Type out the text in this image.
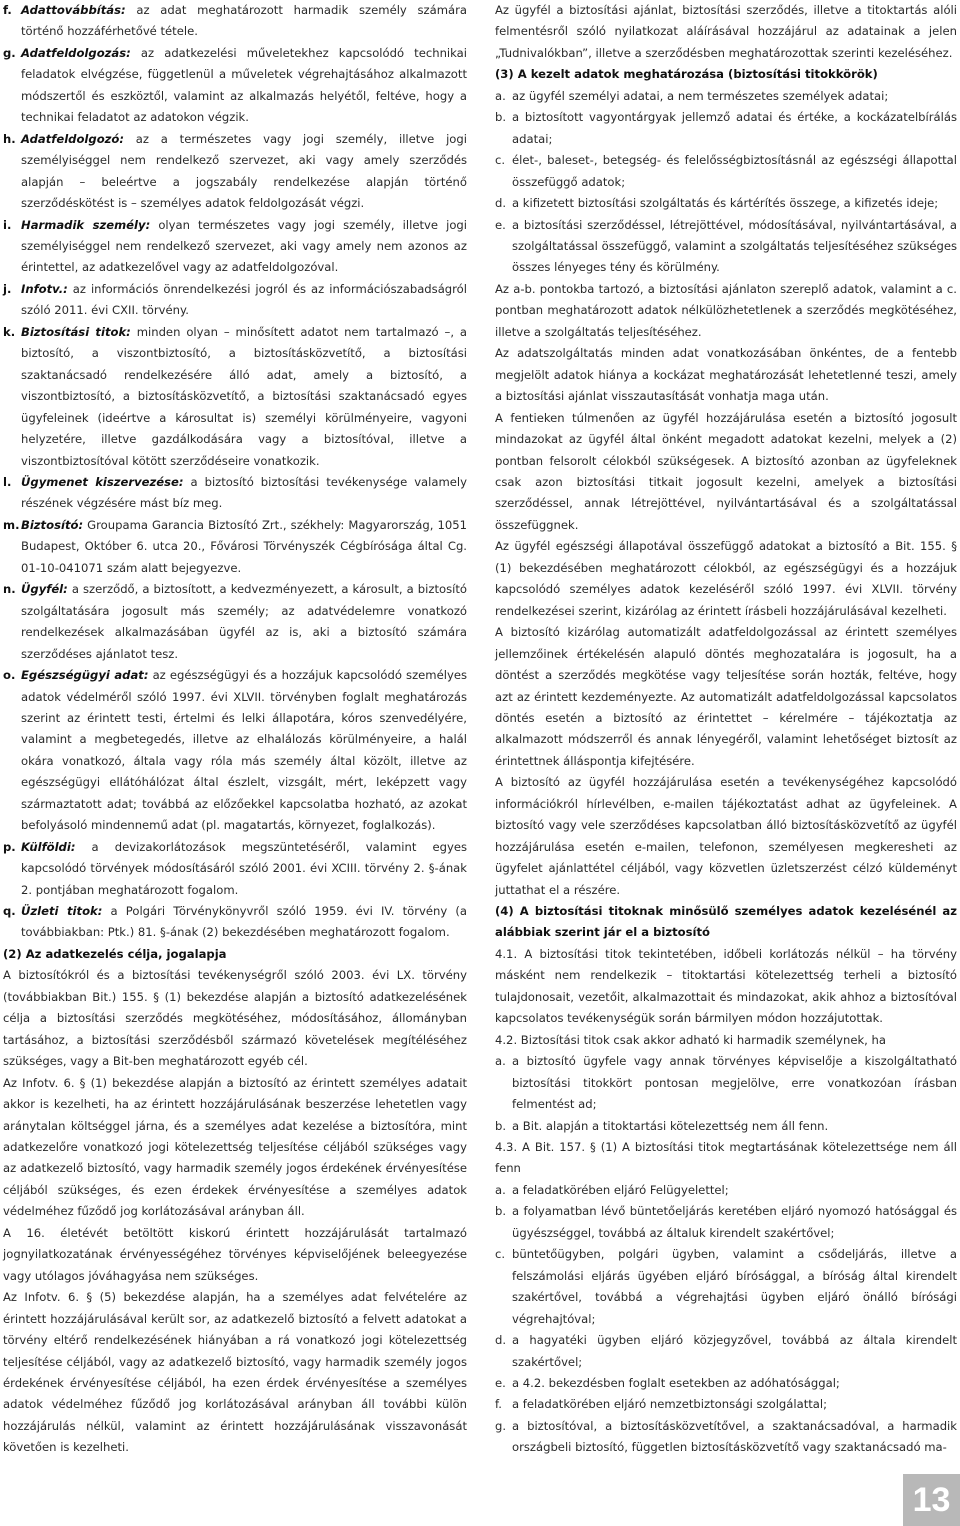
f. Adattovábbítás: az adat meghatározott harmadik személy számára történő hozzáférhetővé tétele.
g. Adatfeldolgozás: az adatkezelési műveletekhez kapcsolódó technikai feladatok elvégzése, függetlenül a műveletek végrehajtásához alkalmazott módszertől és eszköztől, valamint az alkalmazás helyétől, feltéve, hogy a technikai feladatot az adatokon végzik.
h. Adatfeldolgozó: az a természetes vagy jogi személy, illetve jogi személyiséggel nem rendelkező szervezet, aki vagy amely szerződés alapján – beleértve a jogszabály rendelkezése alapján történő szerződéskötést is – személyes adatok feldolgozását végzi.
i. Harmadik személy: olyan természetes vagy jogi személy, illetve jogi személyiséggel nem rendelkező szervezet, aki vagy amely nem azonos az érintettel, az adatkezelővel vagy az adatfeldolgozóval.
j. Infotv.: az információs önrendelkezési jogról és az információszabadságról szóló 2011. évi CXII. törvény.
k. Biztosítási titok: minden olyan – minősített adatot nem tartalmazó –, a biztosító, a viszontbiztosító, a biztosításközvetítő, a biztosítási szaktanácsadó rendelkezésére álló adat, amely a biztosító, a viszontbiztosító, a biztosításközvetítő, a biztosítási szaktanácsadó egyes ügyfeleinek (ideértve a károsultat is) személyi körülményeire, vagyoni helyzetére, illetve gazdálkodására vagy a biztosítóval, illetve a viszontbiztosítóval kötött szerződéseire vonatkozik.
l. Ügymenet kiszervezése: a biztosító biztosítási tevékenysége valamely részének végzésére mást bíz meg.
m. Biztosító: Groupama Garancia Biztosító Zrt., székhely: Magyarország, 1051 Budapest, Október 6. utca 20., Fővárosi Törvényszék Cégbírósága által Cg. 01-10-041071 szám alatt bejegyezve.
n. Ügyfél: a szerződő, a biztosított, a kedvezményezett, a károsult, a biztosító szolgáltatására jogosult más személy; az adatvédelemre vonatkozó rendelkezések alkalmazásában ügyfél az is, aki a biztosító számára szerződéses ajánlatot tesz.
o. Egészségügyi adat: az egészségügyi és a hozzájuk kapcsolódó személyes adatok védelméről szóló 1997. évi XLVII. törvényben foglalt meghatározás szerint az érintett testi, értelmi és lelki állapotára, kóros szenvedélyére, valamint a megbetegedés, illetve az elhalálozás körülményeire, a halál okára vonatkozó, általa vagy róla más személy által közölt, illetve az egészségügyi ellátóhálózat által észlelt, vizsgált, mért, leképzett vagy származtatott adat; továbbá az előzőekkel kapcsolatba hozható, az azokat befolyásoló mindennemű adat (pl. magatartás, környezet, foglalkozás).
p. Külföldi: a devizakorlátozások megszüntetéséről, valamint egyes kapcsolódó törvények módosításáról szóló 2001. évi XCIII. törvény 2. §-ának 2. pontjában meghatározott fogalom.
q. Üzleti titok: a Polgári Törvénykönyvről szóló 1959. évi IV. törvény (a továbbiakban: Ptk.) 81. §-ának (2) bekezdésében meghatározott fogalom.

(2) Az adatkezelés célja, jogalapja

A biztosítókról és a biztosítási tevékenységről szóló 2003. évi LX. törvény (továbbiakban Bit.) 155. § (1) bekezdése alapján a biztosító adatkezelésének célja a biztosítási szerződés megkötéséhez, módosításához, állományban tartásához, a biztosítási szerződésből származó követelések megítéléséhez szükséges, vagy a Bit-ben meghatározott egyéb cél.

Az Infotv. 6. § (1) bekezdése alapján a biztosító az érintett személyes adatait akkor is kezelheti, ha az érintett hozzájárulásának beszerzése lehetetlen vagy aránytalan költséggel járna, és a személyes adat kezelése a biztosítóra, mint adatkezelőre vonatkozó jogi kötelezettség teljesítése céljából szükséges vagy az adatkezelő biztosító, vagy harmadik személy jogos érdekének érvényesítése céljából szükséges, és ezen érdekek érvényesítése a személyes adatok védelméhez fűződő jog korlátozásával arányban áll.

A 16. életévét betöltött kiskorú érintett hozzájárulását tartalmazó jognyilatkozatának érvényességéhez törvényes képviselőjének beleegyezése vagy utólagos jóváhagyása nem szükséges.

Az Infotv. 6. § (5) bekezdése alapján, ha a személyes adat felvételére az érintett hozzájárulásával került sor, az adatkezelő biztosító a felvett adatokat a törvény eltérő rendelkezésének hiányában a rá vonatkozó jogi kötelezettség teljesítése céljából, vagy az adatkezelő biztosító, vagy harmadik személy jogos érdekének érvényesítése céljából, ha ezen érdek érvényesítése a személyes adatok védelméhez fűződő jog korlátozásával arányban áll további külön hozzájárulás nélkül, valamint az érintett hozzájárulásának visszavonását követően is kezelheti.

Az ügyfél a biztosítási ajánlat, biztosítási szerződés, illetve a titoktartás alóli felmentésről szóló nyilatkozat aláírásával hozzájárul az adatainak a jelen „Tudnivalókban”, illetve a szerződésben meghatározottak szerinti kezeléséhez.

(3) A kezelt adatok meghatározása (biztosítási titokkörök)

a. az ügyfél személyi adatai, a nem természetes személyek adatai;
b. a biztosított vagyontárgyak jellemző adatai és értéke, a kockázatelbírálás adatai;
c. élet-, baleset-, betegség- és felelősségbiztosításnál az egészségi állapottal összefüggő adatok;
d. a kifizetett biztosítási szolgáltatás és kártérítés összege, a kifizetés ideje;
e. a biztosítási szerződéssel, létrejöttével, módosításával, nyilvántartásával, a szolgáltatással összefüggő, valamint a szolgáltatás teljesítéséhez szükséges összes lényeges tény és körülmény.

Az a-b. pontokba tartozó, a biztosítási ajánlaton szereplő adatok, valamint a c. pontban meghatározott adatok nélkülözhetetlenek a szerződés megkötéséhez, illetve a szolgáltatás teljesítéséhez.

Az adatszolgáltatás minden adat vonatkozásában önkéntes, de a fentebb megjelölt adatok hiánya a kockázat meghatározását lehetetlenné teszi, amely a biztosítási ajánlat visszautasítását vonhatja maga után.

A fentieken túlmenően az ügyfél hozzájárulása esetén a biztosító jogosult mindazokat az ügyfél által önként megadott adatokat kezelni, melyek a (2) pontban felsorolt célokból szükségesek. A biztosító azonban az ügyfeleknek csak azon biztosítási titkait jogosult kezelni, amelyek a biztosítási szerződéssel, annak létrejöttével, nyilvántartásával és a szolgáltatással összefüggnek.

Az ügyfél egészségi állapotával összefüggő adatokat a biztosító a Bit. 155. § (1) bekezdésében meghatározott célokból, az egészségügyi és a hozzájuk kapcsolódó személyes adatok kezeléséről szóló 1997. évi XLVII. törvény rendelkezései szerint, kizárólag az érintett írásbeli hozzájárulásával kezelheti.

A biztosító kizárólag automatizált adatfeldolgozással az érintett személyes jellemzőinek értékelésén alapuló döntés meghozatalára is jogosult, ha a döntést a szerződés megkötése vagy teljesítése során hozták, feltéve, hogy azt az érintett kezdeményezte. Az automatizált adatfeldolgozással kapcsolatos döntés esetén a biztosító az érintettet – kérelmére – tájékoztatja az alkalmazott módszerről és annak lényegéről, valamint lehetőséget biztosít az érintettnek álláspontja kifejtésére.

A biztosító az ügyfél hozzájárulása esetén a tevékenységéhez kapcsolódó információkról hírlevélben, e-mailen tájékoztatást adhat az ügyfeleinek. A biztosító vagy vele szerződéses kapcsolatban álló biztosításközvetítő az ügyfél hozzájárulása esetén e-mailen, telefonon, személyesen megkeresheti az ügyfelet ajánlattétel céljából, vagy közvetlen üzletszerzést célzó küldeményt juttathat el a részére.

(4) A biztosítási titoknak minősülő személyes adatok kezelésénél az alábbiak szerint jár el a biztosító

4.1. A biztosítási titok tekintetében, időbeli korlátozás nélkül – ha törvény másként nem rendelkezik – titoktartási kötelezettség terheli a biztosító tulajdonosait, vezetőit, alkalmazottait és mindazokat, akik ahhoz a biztosítóval kapcsolatos tevékenységük során bármilyen módon hozzájutottak.

4.2. Biztosítási titok csak akkor adható ki harmadik személynek, ha

a. a biztosító ügyfele vagy annak törvényes képviselője a kiszolgáltatható biztosítási titokkört pontosan megjelölve, erre vonatkozóan írásban felmentést ad;
b. a Bit. alapján a titoktartási kötelezettség nem áll fenn.

4.3. A Bit. 157. § (1) A biztosítási titok megtartásának kötelezettsége nem áll fenn

a. a feladatkörében eljáró Felügyelettel;
b. a folyamatban lévő büntetőeljárás keretében eljáró nyomozó hatósággal és ügyészséggel, továbbá az általuk kirendelt szakértővel;
c. büntetőügyben, polgári ügyben, valamint a csődeljárás, illetve a felszámolási eljárás ügyében eljáró bírósággal, a bíróság által kirendelt szakértővel, továbbá a végrehajtási ügyben eljáró önálló bírósági végrehajtóval;
d. a hagyatéki ügyben eljáró közjegyzővel, továbbá az általa kirendelt szakértővel;
e. a 4.2. bekezdésben foglalt esetekben az adóhatósággal;
f. a feladatkörében eljáró nemzetbiztonsági szolgálattal;
g. a biztosítóval, a biztosításközvetítővel, a szaktanácsadóval, a harmadik országbeli biztosító, független biztosításközvetítő vagy szaktanácsadó ma-
13
